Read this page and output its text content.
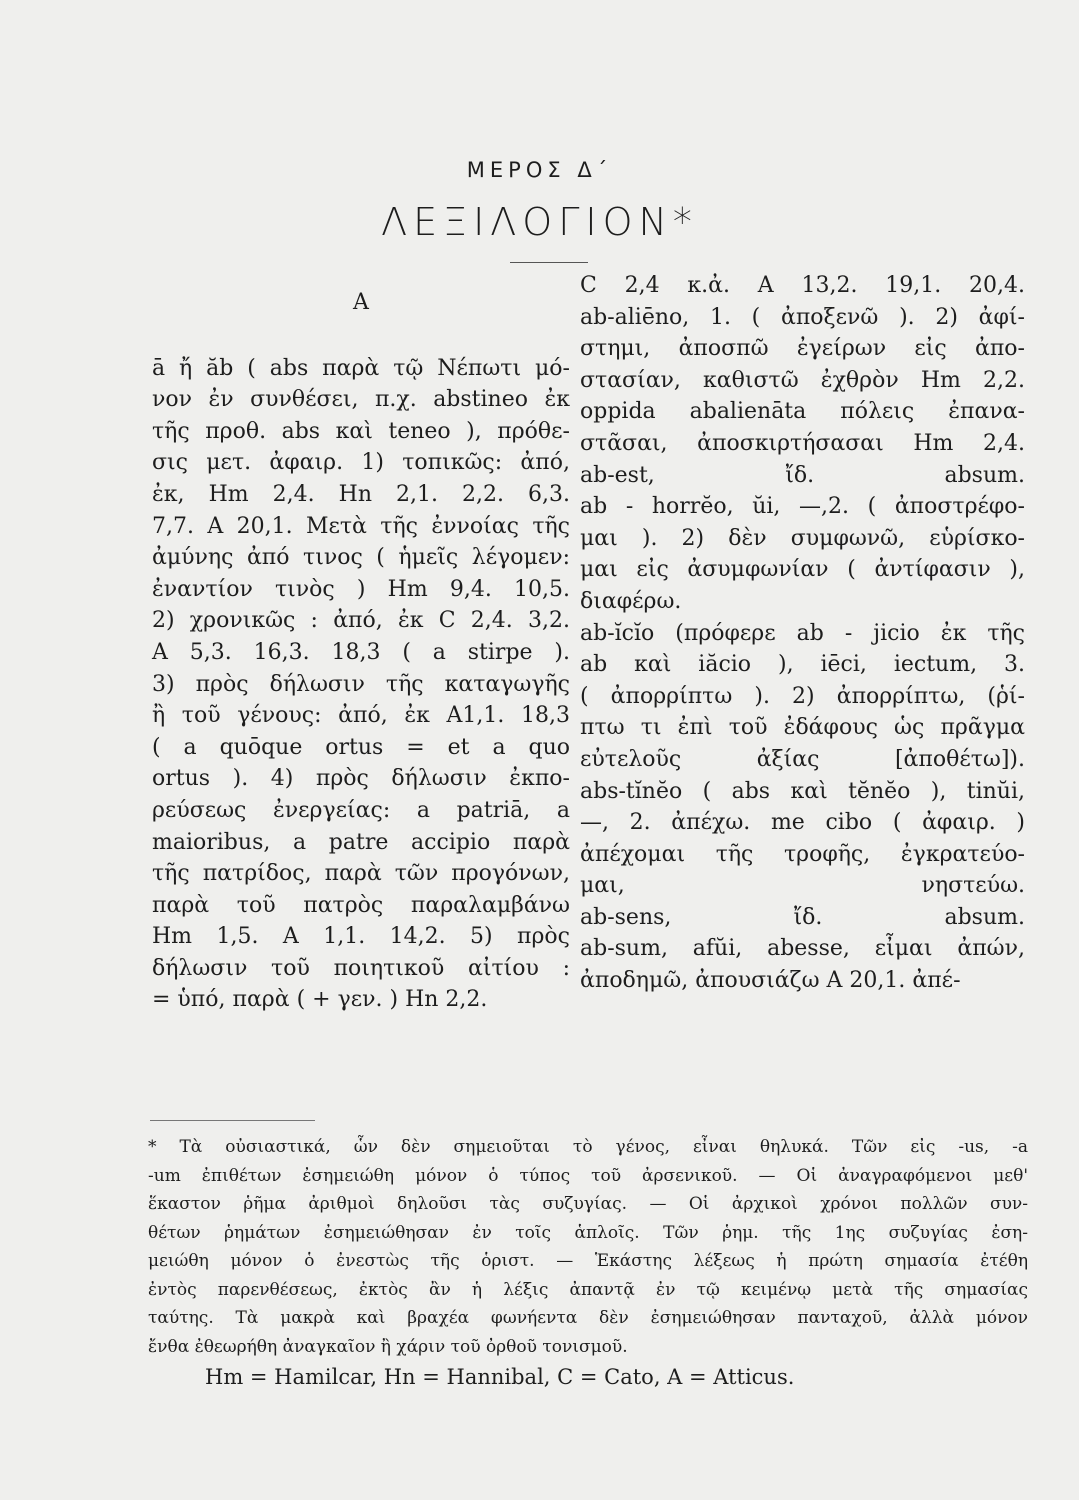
ΜΕΡΟΣ Δ΄
ΛΕΞΙΛΟΓΙΟΝ*
A
ā ἤ ăb ( abs παρὰ τῷ Νέπωτι μό-
νον ἐν συνθέσει, π.χ. abstineo ἐκ
τῆς προθ. abs καὶ teneo ), πρόθε-
σις μετ. ἀφαιρ. 1) τοπικῶς: ἀπό,
ἐκ, Hm 2,4. Hn 2,1. 2,2. 6,3.
7,7. A 20,1. Μετὰ τῆς ἐννοίας τῆς
ἀμύνης ἀπό τινος ( ἡμεῖς λέγομεν:
ἐναντίον τινὸς ) Hm 9,4. 10,5.
2) χρονικῶς : ἀπό, ἐκ C 2,4. 3,2.
A 5,3. 16,3. 18,3 ( a stirpe ).
3) πρὸς δήλωσιν τῆς καταγωγῆς
ἢ τοῦ γένους: ἀπό, ἐκ A1,1. 18,3
( a quōque ortus = et a quo
ortus ). 4) πρὸς δήλωσιν ἐκπο-
ρεύσεως ἐνεργείας: a patriā, a
maioribus, a patre accipio παρὰ
τῆς πατρίδος, παρὰ τῶν προγόνων,
παρὰ τοῦ πατρὸς παραλαμβάνω
Hm 1,5. A 1,1. 14,2. 5) πρὸς
δήλωσιν τοῦ ποιητικοῦ αἰτίου :
= ὑπό, παρὰ ( + γεν. ) Hn 2,2.
C 2,4 κ.ἀ. A 13,2. 19,1. 20,4.
ab-aliēno, 1. ( ἀποξενῶ ). 2) ἀφί-
στημι, ἀποσπῶ ἐγείρων εἰς ἀπο-
στασίαν, καθιστῶ ἐχθρὸν Hm 2,2.
oppida abalienāta πόλεις ἐπανα-
στᾶσαι, ἀποσκιρτήσασαι Hm 2,4.
ab-est, ἴδ. absum.
ab - horrĕo, ŭi, —,2. ( ἀποστρέφο-
μαι ). 2) δὲν συμφωνῶ, εὑρίσκο-
μαι εἰς ἀσυμφωνίαν ( ἀντίφασιν ),
διαφέρω.
ab-ĭcĭo (πρόφερε ab - jicio ἐκ τῆς
ab καὶ iăcio ), iēci, iectum, 3.
( ἀπορρίπτω ). 2) ἀπορρίπτω, (ῥί-
πτω τι ἐπὶ τοῦ ἐδάφους ὡς πρᾶγμα
εὐτελοῦς ἀξίας [ἀποθέτω]).
abs-tĭnĕo ( abs καὶ tĕnĕo ), tinŭi,
—, 2. ἀπέχω. me cibo ( ἀφαιρ. )
ἀπέχομαι τῆς τροφῆς, ἐγκρατεύο-
μαι, νηστεύω.
ab-sens, ἴδ. absum.
ab-sum, afŭi, abesse, εἶμαι ἀπών,
ἀποδημῶ, ἀπουσιάζω A 20,1. ἀπέ-
* Τὰ οὐσιαστικά, ὧν δὲν σημειοῦται τὸ γένος, εἶναι θηλυκά. Τῶν εἰς -us, -a
-um ἐπιθέτων ἐσημειώθη μόνον ὁ τύπος τοῦ ἀρσενικοῦ. — Οἱ ἀναγραφόμενοι μεθ'
ἕκαστον ῥῆμα ἀριθμοὶ δηλοῦσι τὰς συζυγίας. — Οἱ ἀρχικοὶ χρόνοι πολλῶν συν-
θέτων ῥημάτων ἐσημειώθησαν ἐν τοῖς ἁπλοῖς. Τῶν ῥημ. τῆς 1ης συζυγίας ἐση-
μειώθη μόνον ὁ ἐνεστὼς τῆς ὁριστ. — Ἑκάστης λέξεως ἡ πρώτη σημασία ἐτέθη
ἐντὸς παρενθέσεως, ἐκτὸς ἂν ἡ λέξις ἀπαντᾷ ἐν τῷ κειμένῳ μετὰ τῆς σημασίας
ταύτης. Τὰ μακρὰ καὶ βραχέα φωνήεντα δὲν ἐσημειώθησαν πανταχοῦ, ἀλλὰ μόνον
ἔνθα ἐθεωρήθη ἀναγκαῖον ἢ χάριν τοῦ ὀρθοῦ τονισμοῦ.
Hm = Hamilcar, Hn = Hannibal, C = Cato, A = Atticus.
